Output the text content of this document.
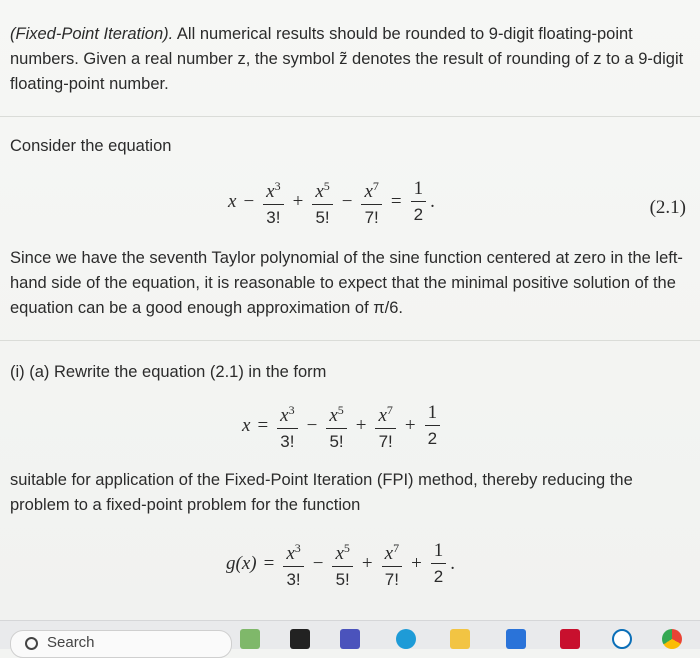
(Fixed-Point Iteration). All numerical results should be rounded to 9-digit floating-point numbers. Given a real number z, the symbol z̃ denotes the result of rounding of z to a 9-digit floating-point number.
Consider the equation
$x - \frac{x^3}{3!} + \frac{x^5}{5!} - \frac{x^7}{7!} = \frac{1}{2}$ .	(2.1)
Since we have the seventh Taylor polynomial of the sine function centered at zero in the left-hand side of the equation, it is reasonable to expect that the minimal positive solution of the equation can be a good enough approximation of π/6.
(i) (a) Rewrite the equation (2.1) in the form
$x = \frac{x^3}{3!} - \frac{x^5}{5!} + \frac{x^7}{7!} + \frac{1}{2}$
suitable for application of the Fixed-Point Iteration (FPI) method, thereby reducing the problem to a fixed-point problem for the function
$g(x) = \frac{x^3}{3!} - \frac{x^5}{5!} + \frac{x^7}{7!} + \frac{1}{2}$ .
Search
